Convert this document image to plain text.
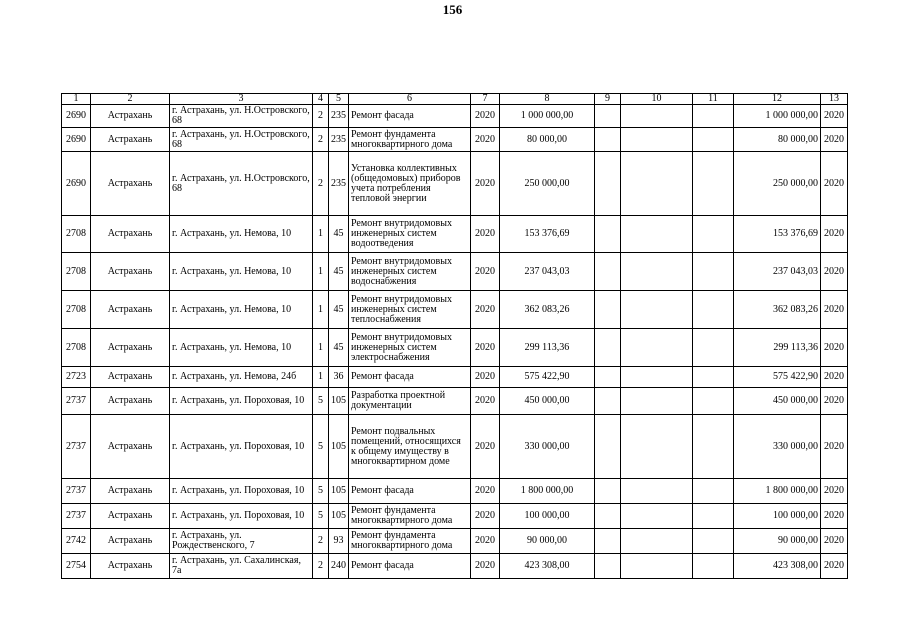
156
1	2	3	4	5	6	7	8	9	10	11	12	13
2690	Астрахань	г. Астрахань, ул. Н.Островского, 68	2	235	Ремонт фасада	2020	1 000 000,00				1 000 000,00	2020
2690	Астрахань	г. Астрахань, ул. Н.Островского, 68	2	235	Ремонт фундамента многоквартирного дома	2020	80 000,00				80 000,00	2020
2690	Астрахань	г. Астрахань, ул. Н.Островского, 68	2	235	Установка коллективных (общедомовых) приборов учета потребления тепловой энергии	2020	250 000,00				250 000,00	2020
2708	Астрахань	г. Астрахань, ул. Немова, 10	1	45	Ремонт внутридомовых инженерных систем водоотведения	2020	153 376,69				153 376,69	2020
2708	Астрахань	г. Астрахань, ул. Немова, 10	1	45	Ремонт внутридомовых инженерных систем водоснабжения	2020	237 043,03				237 043,03	2020
2708	Астрахань	г. Астрахань, ул. Немова, 10	1	45	Ремонт внутридомовых инженерных систем теплоснабжения	2020	362 083,26				362 083,26	2020
2708	Астрахань	г. Астрахань, ул. Немова, 10	1	45	Ремонт внутридомовых инженерных систем электроснабжения	2020	299 113,36				299 113,36	2020
2723	Астрахань	г. Астрахань, ул. Немова, 24б	1	36	Ремонт фасада	2020	575 422,90				575 422,90	2020
2737	Астрахань	г. Астрахань, ул. Пороховая, 10	5	105	Разработка проектной документации	2020	450 000,00				450 000,00	2020
2737	Астрахань	г. Астрахань, ул. Пороховая, 10	5	105	Ремонт подвальных помещений, относящихся к общему имуществу в многоквартирном доме	2020	330 000,00				330 000,00	2020
2737	Астрахань	г. Астрахань, ул. Пороховая, 10	5	105	Ремонт фасада	2020	1 800 000,00				1 800 000,00	2020
2737	Астрахань	г. Астрахань, ул. Пороховая, 10	5	105	Ремонт фундамента многоквартирного дома	2020	100 000,00				100 000,00	2020
2742	Астрахань	г. Астрахань, ул. Рождественского, 7	2	93	Ремонт фундамента многоквартирного дома	2020	90 000,00				90 000,00	2020
2754	Астрахань	г. Астрахань, ул. Сахалинская, 7а	2	240	Ремонт фасада	2020	423 308,00				423 308,00	2020
